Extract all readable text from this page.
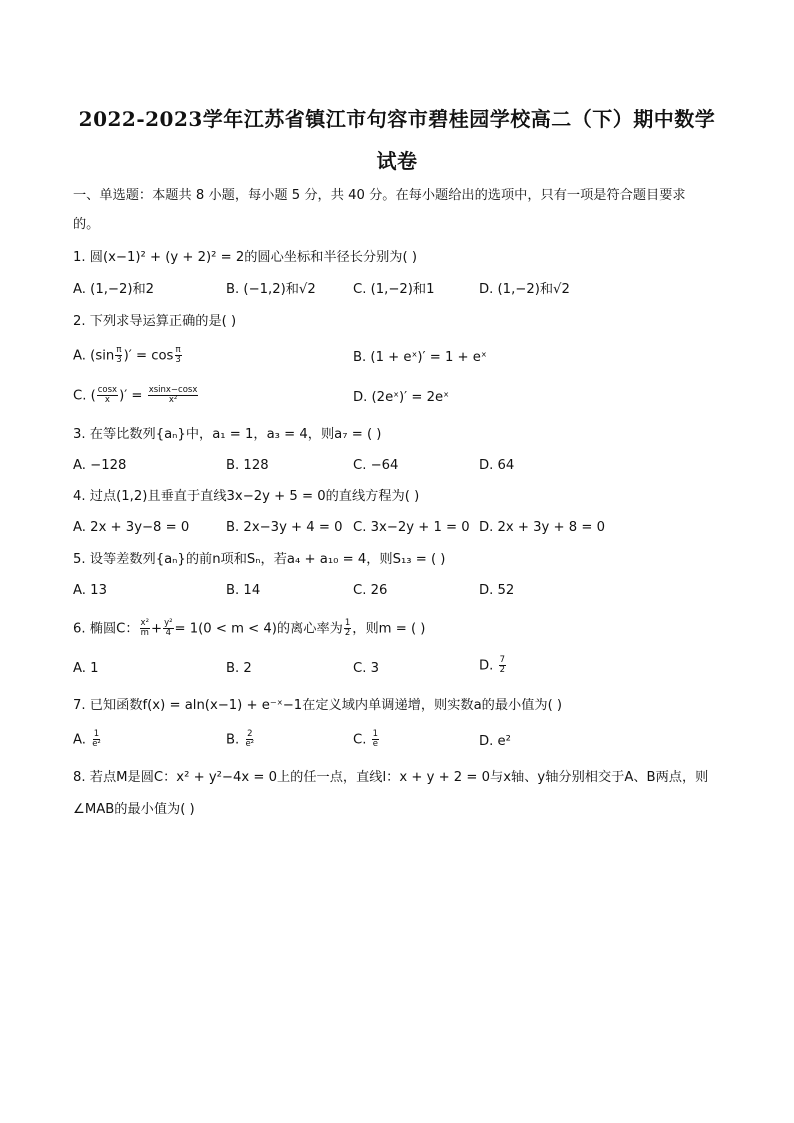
2022-2023学年江苏省镇江市句容市碧桂园学校高二（下）期中数学
试卷
一、单选题：本题共 8 小题，每小题 5 分，共 40 分。在每小题给出的选项中，只有一项是符合题目要求
的。
1. 圆(x−1)² + (y + 2)² = 2的圆心坐标和半径长分别为( )
A. (1,−2)和2	B. (−1,2)和√2	C. (1,−2)和1	D. (1,−2)和√2
2. 下列求导运算正确的是( )
A. ($\sin \frac{\pi}{3}$ )′ = $\cos \frac{\pi}{3}$	B. (1 + eˣ)′ = 1 + eˣ
C. ( $\frac{\cos x}{x}$ )′ = $\frac{xsinx-\cos x}{\text{x²}}$	D. (2eˣ)′ = 2eˣ
3. 在等比数列{aₙ}中，a₁ = 1，a₃ = 4，则a₇ = ( )
A. −128	B. 128	C. −64	D. 64
4. 过点(1,2)且垂直于直线3x−2y + 5 = 0的直线方程为( )
A. 2x + 3y−8 = 0	B. 2x−3y + 4 = 0 C. 3x−2y + 1 = 0 D. 2x + 3y + 8 = 0
5. 设等差数列{aₙ}的前n项和Sₙ，若a₄ + a₁₀ = 4，则S₁₃ = ( )
A. 13	B. 14	C. 26	D. 52
6. 椭圆C： $\frac{\text{x²}}{m} + \frac{\text{y²}}{4} = 1(0 < m < 4)$的离心率为 $\frac{1}{2}$ ，则m = ( )
A. 1	B. 2	C. 3	D. $\frac{7}{2}$
7. 已知函数f(x) = aln(x−1) + e⁻ˣ−1在定义域内单调递增，则实数a的最小值为( )
A. $\frac{1}{\text{e²}}$	B. $\frac{2}{\text{e²}}$	C. $\frac{1}{e}$	D. e²
8. 若点M是圆C：x² + y²−4x = 0上的任一点，直线l：x + y + 2 = 0与x轴、y轴分别相交于A、B两点，则
∠MAB的最小值为( )
